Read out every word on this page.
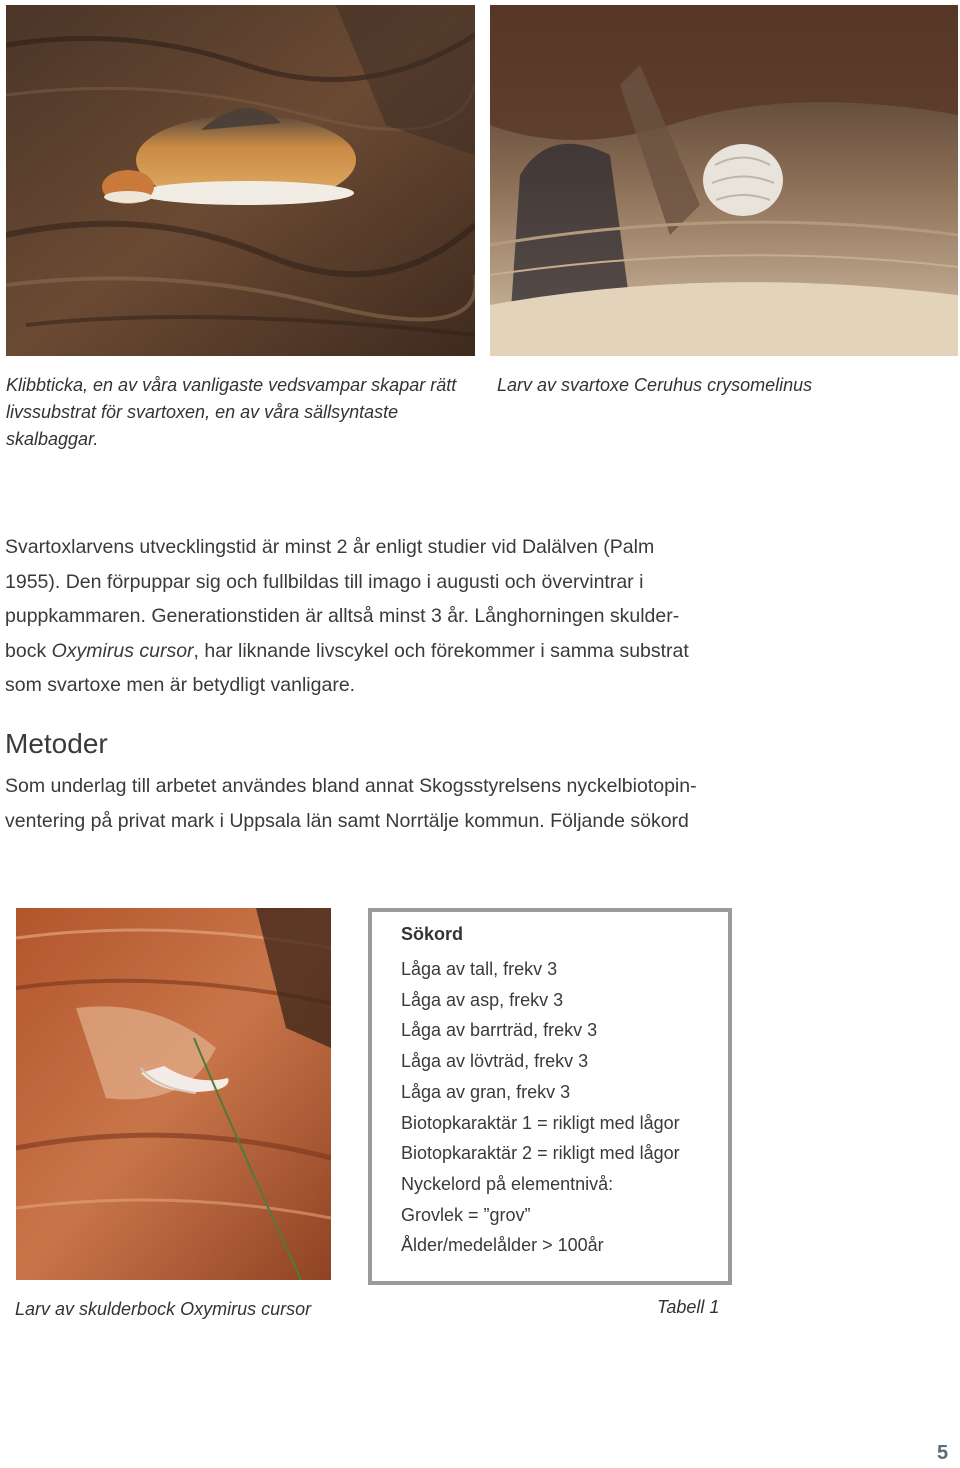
Klibbticka, en av våra vanligaste vedsvampar skapar rätt livssubstrat för svartoxen, en av våra sällsyntaste skalbaggar.

Larv av svartoxe Ceruhus crysomelinus

Svartoxlarvens utvecklingstid är minst 2 år enligt studier vid Dalälven (Palm
1955). Den förpuppar sig och fullbildas till imago i augusti och övervintrar i
puppkammaren. Generationstiden är alltså minst 3 år. Långhorningen skulder-
bock Oxymirus cursor, har liknande livscykel och förekommer i samma substrat
som svartoxe men är betydligt vanligare.
Metoder
Som underlag till arbetet användes bland annat Skogsstyrelsens nyckelbiotopin-
ventering på privat mark i Uppsala län samt Norrtälje kommun. Följande sökord
Sökord
Låga av tall, frekv 3
Låga av asp, frekv 3
Låga av barrträd, frekv 3
Låga av lövträd, frekv 3
Låga av gran, frekv 3
Biotopkaraktär 1 = rikligt med lågor
Biotopkaraktär 2 = rikligt med lågor
Nyckelord på elementnivå:
Grovlek = ”grov”
Ålder/medelålder > 100år

Larv av skulderbock Oxymirus cursor	Tabell 1

5
